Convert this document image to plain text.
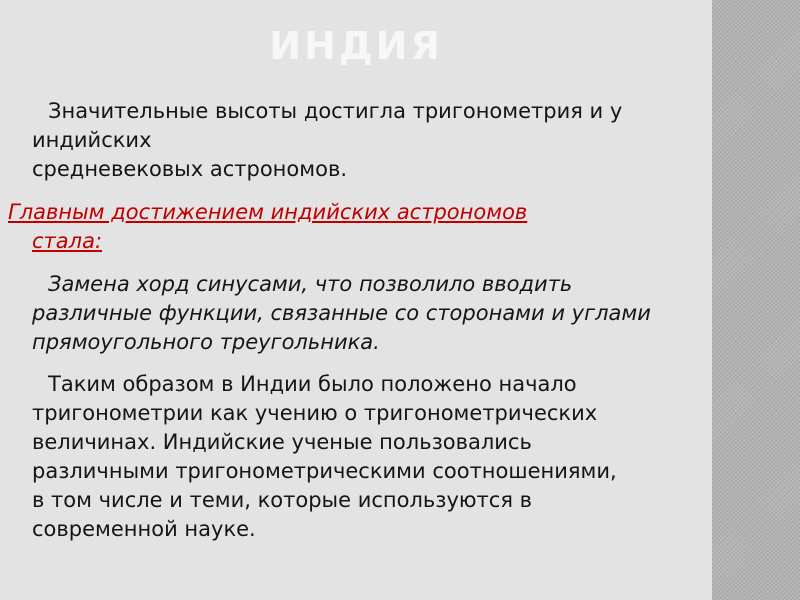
ИНДИЯ
Значительные высоты достигла тригонометрия и у
индийских
средневековых астрономов.
Главным достижением индийских астрономов
стала:
Замена хорд синусами, что позволило вводить
различные функции, связанные со сторонами и углами
прямоугольного треугольника.
Таким образом в Индии было положено начало
тригонометрии как учению о тригонометрических
величинах. Индийские ученые пользовались
различными тригонометрическими соотношениями,
в том числе и теми, которые используются в
современной науке.
